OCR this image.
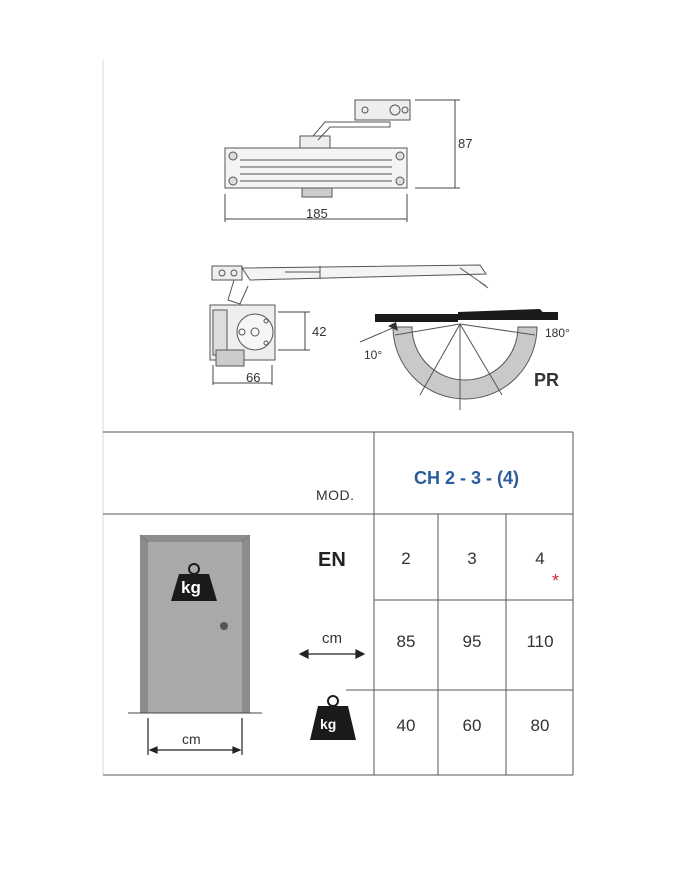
185
87
66
42
10°
180°
PR
MOD.
CH 2 - 3 - (4)
EN	2	3	4
*
cm	85	95	110
kg	40	60	80
kg
cm
